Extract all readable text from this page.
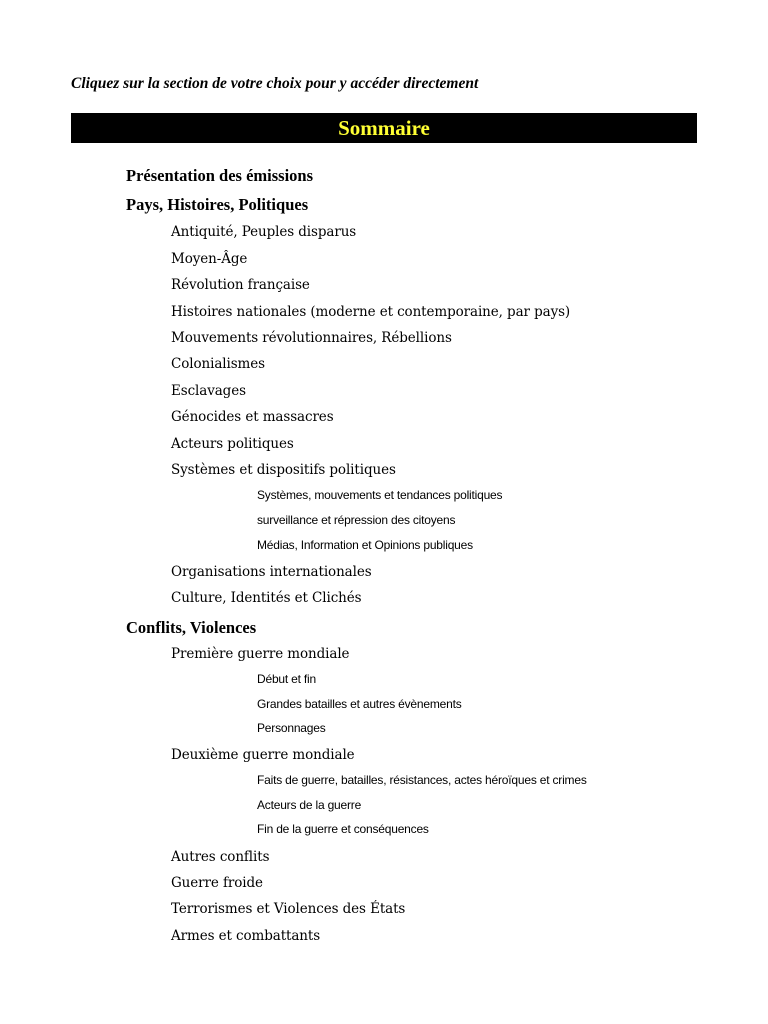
Cliquez sur la section de votre choix pour y accéder directement
Sommaire
Présentation des émissions
Pays, Histoires, Politiques
Antiquité, Peuples disparus
Moyen-Âge
Révolution française
Histoires nationales (moderne et contemporaine, par pays)
Mouvements révolutionnaires, Rébellions
Colonialismes
Esclavages
Génocides et massacres
Acteurs politiques
Systèmes et dispositifs politiques
Systèmes, mouvements et tendances politiques
surveillance et répression des citoyens
Médias, Information et Opinions publiques
Organisations internationales
Culture, Identités et Clichés
Conflits, Violences
Première guerre mondiale
Début et fin
Grandes batailles et autres évènements
Personnages
Deuxième guerre mondiale
Faits de guerre, batailles, résistances, actes héroïques et crimes
Acteurs de la guerre
Fin de la guerre et conséquences
Autres conflits
Guerre froide
Terrorismes et Violences des États
Armes et combattants
